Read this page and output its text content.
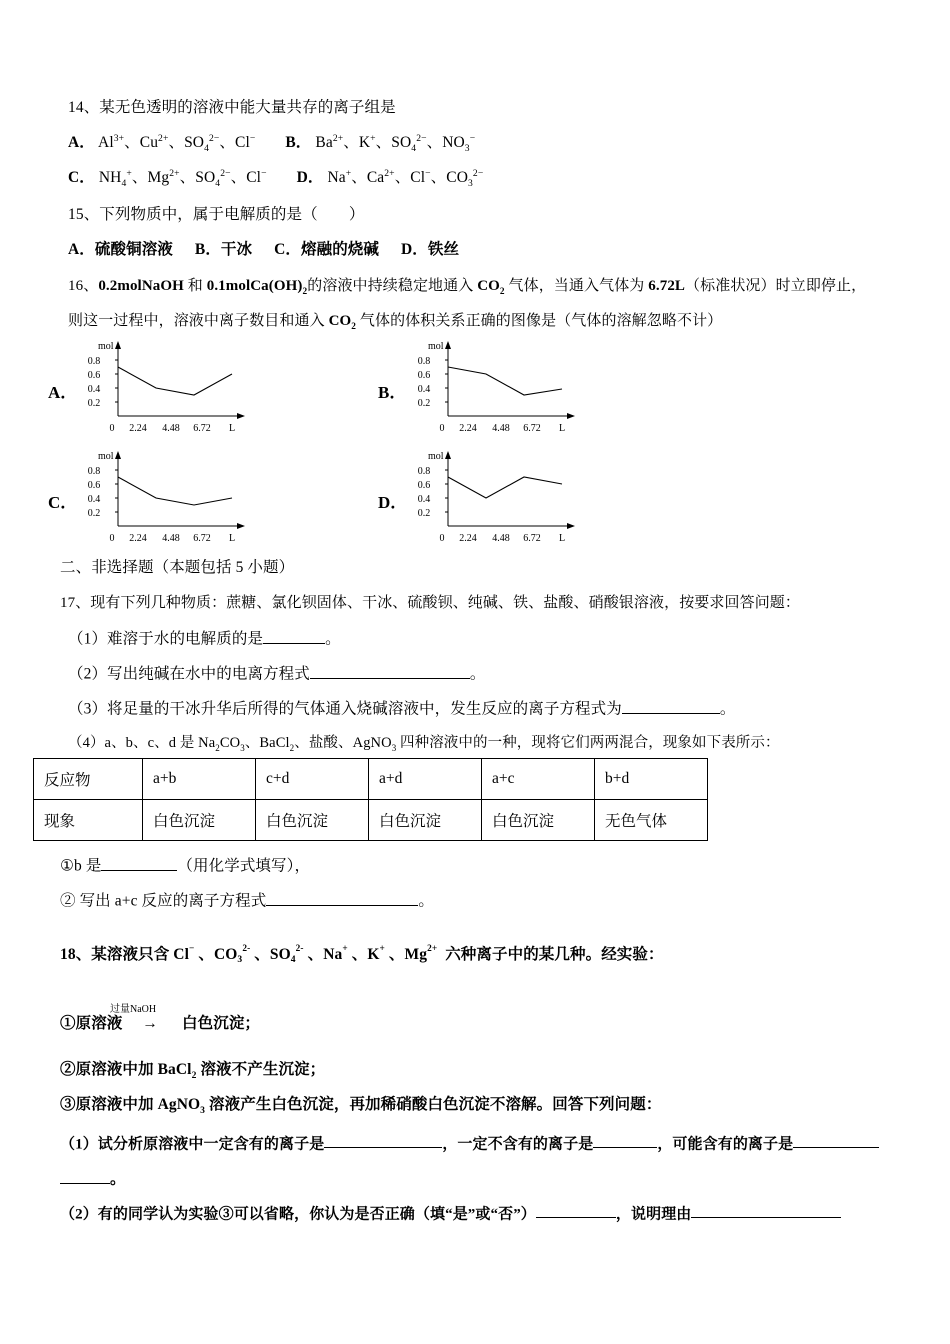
14、某无色透明的溶液中能大量共存的离子组是
A． $Al^{3+}$、$Cu^{2+}$、$SO_4^{2-}$、Cl− B． $Ba^{2+}$、K+、$SO_4^{2-}$、$NO_3^-$
C． $NH_4^+$、$Mg^{2+}$、$SO_4^{2-}$、Cl− D． Na+、$Ca^{2+}$、Cl−、$CO_3^{2-}$
15、下列物质中，属于电解质的是（　　）
A．硫酸铜溶液 B．干冰 C．熔融的烧碱 D．铁丝
16、0.2molNaOH 和 $0.1molCa(OH)_2$的溶液中持续稳定地通入 $CO_2$ 气体，当通入气体为 6.72L（标准状况）时立即停止，
则这一过程中，溶液中离子数目和通入 $CO_2$ 气体的体积关系正确的图像是（气体的溶解忽略不计）
A．
mol
0.8
0.6
0.4
0.2
0 2.24 4.48 6.72 L
B．
mol
0.8
0.6
0.4
0.2
0 2.24 4.48 6.72 L
C．
mol
0.8
0.6
0.4
0.2
0 2.24 4.48 6.72 L
D．
mol
0.8
0.6
0.4
0.2
0 2.24 4.48 6.72 L
二、非选择题（本题包括 5 小题）
17、现有下列几种物质：蔗糖、氯化钡固体、干冰、硫酸钡、纯碱、铁、盐酸、硝酸银溶液，按要求回答问题：
（1）难溶于水的电解质的是	。
（2）写出纯碱在水中的电离方程式	。
（3）将足量的干冰升华后所得的气体通入烧碱溶液中，发生反应的离子方程式为	。
（4）a、b、c、d 是 $Na_2CO_3$、BaCl$_2$、盐酸、AgNO$_3$ 四种溶液中的一种，现将它们两两混合，现象如下表所示：
反应物	a+b	c+d	a+d	a+c	b+d
现象	白色沉淀	白色沉淀	白色沉淀	白色沉淀	无色气体
①b 是	（用化学式填写），
② 写出 a+c 反应的离子方程式	。
18、某溶液只含 Cl− 、$CO3^{2-}$ 、$SO4^{2-}$ 、Na+ 、K+ 、$Mg^{2+}$ 六种离子中的某几种。经实验：
过量NaOH
①原溶液 → 白色沉淀；
②原溶液中加 BaCl$_2$ 溶液不产生沉淀；
③原溶液中加 AgNO$_3$ 溶液产生白色沉淀，再加稀硝酸白色沉淀不溶解。回答下列问题：
（1）试分析原溶液中一定含有的离子是	，一定不含有的离子是	，可能含有的离子是
。
（2）有的同学认为实验③可以省略，你认为是否正确（填“是”或“否”）	，说明理由
